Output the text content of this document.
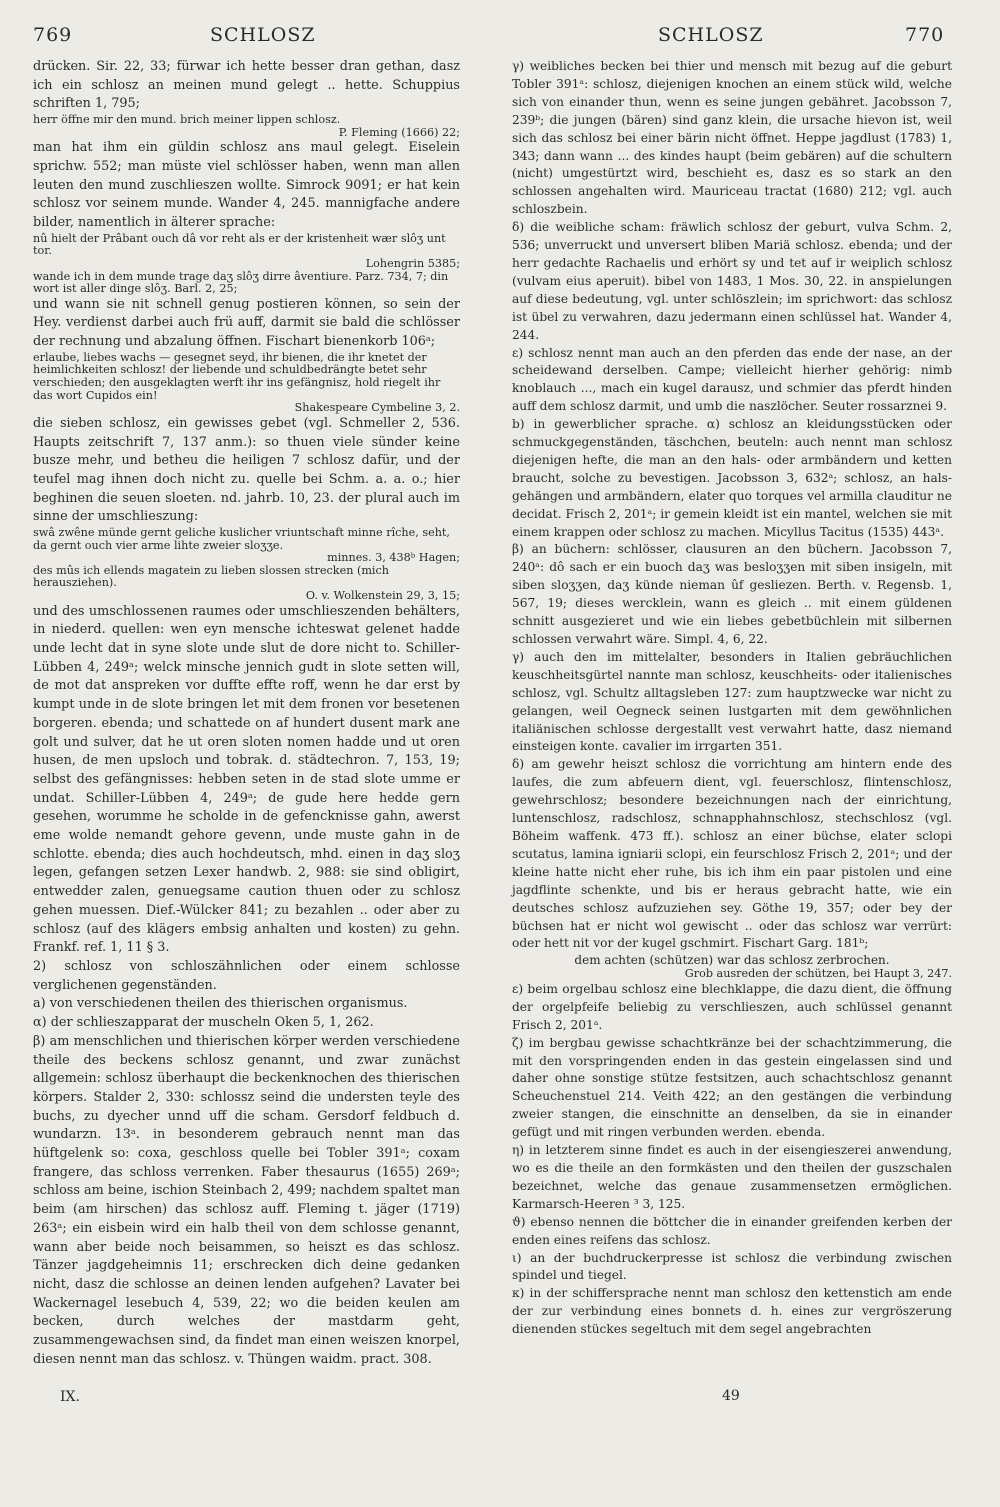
769	SCHLOSZ	SCHLOSZ	770

drücken. Sir. 22, 33; fürwar ich hette besser dran gethan, dasz ich ein schlosz an meinen mund gelegt .. hette. Schuppius schriften 1, 795;

herr öffne mir den mund. brich meiner lippen schlosz.

P. Fleming (1666) 22;

man hat ihm ein güldin schlosz ans maul gelegt. Eiselein sprichw. 552; man müste viel schlösser haben, wenn man allen leuten den mund zuschlieszen wollte. Simrock 9091; er hat kein schlosz vor seinem munde. Wander 4, 245. mannigfache andere bilder, namentlich in älterer sprache:

nû hielt der Prâbant ouch dâ vor reht als er der kristenheit wær slôʒ unt tor.

Lohengrin 5385;

wande ich in dem munde trage daʒ slôʒ dirre âventiure. Parz. 734, 7; din wort ist aller dinge slôʒ. Barl. 2, 25;

und wann sie nit schnell genug postieren können, so sein der Hey. verdienst darbei auch frü auff, darmit sie bald die schlösser der rechnung und abzalung öffnen. Fischart bienenkorb 106ᵃ;

erlaube, liebes wachs — gesegnet seyd, ihr bienen, die ihr knetet der heimlichkeiten schlosz! der liebende und schuldbedrängte betet sehr verschieden; den ausgeklagten werft ihr ins gefängnisz, hold riegelt ihr das wort Cupidos ein!

Shakespeare Cymbeline 3, 2.

die sieben schlosz, ein gewisses gebet (vgl. Schmeller 2, 536. Haupts zeitschrift 7, 137 anm.): so thuen viele sünder keine busze mehr, und betheu die heiligen 7 schlosz dafür, und der teufel mag ihnen doch nicht zu. quelle bei Schm. a. a. o.; hier beghinen die seuen sloeten. nd. jahrb. 10, 23. der plural auch im sinne der umschlieszung:

swâ zwêne münde gernt geliche kuslicher vriuntschaft minne rîche, seht, da gernt ouch vier arme lihte zweier sloʒʒe.

minnes. 3, 438ᵇ Hagen;

des mûs ich ellends magatein zu lieben slossen strecken (mich herausziehen).

O. v. Wolkenstein 29, 3, 15;

und des umschlossenen raumes oder umschlieszenden behälters, in niederd. quellen: wen eyn mensche ichteswat gelenet hadde unde lecht dat in syne slote unde slut de dore nicht to. Schiller-Lübben 4, 249ᵃ; welck minsche jennich gudt in slote setten will, de mot dat anspreken vor duffte effte roff, wenn he dar erst by kumpt unde in de slote bringen let mit dem fronen vor besetenen borgeren. ebenda; und schattede on af hundert dusent mark ane golt und sulver, dat he ut oren sloten nomen hadde und ut oren husen, de men upsloch und tobrak. d. städtechron. 7, 153, 19; selbst des gefängnisses: hebben seten in de stad slote umme er undat. Schiller-Lübben 4, 249ᵃ; de gude here hedde gern gesehen, worumme he scholde in de gefencknisse gahn, awerst eme wolde nemandt gehore gevenn, unde muste gahn in de schlotte. ebenda; dies auch hochdeutsch, mhd. einen in daʒ sloʒ legen, gefangen setzen Lexer handwb. 2, 988: sie sind obligirt, entwedder zalen, genuegsame caution thuen oder zu schlosz gehen muessen. Dief.-Wülcker 841; zu bezahlen .. oder aber zu schlosz (auf des klägers embsig anhalten und kosten) zu gehn. Frankf. ref. 1, 11 § 3.

2) schlosz von schloszähnlichen oder einem schlosse verglichenen gegenständen.

a) von verschiedenen theilen des thierischen organismus.

α) der schlieszapparat der muscheln Oken 5, 1, 262.

β) am menschlichen und thierischen körper werden verschiedene theile des beckens schlosz genannt, und zwar zunächst allgemein: schlosz überhaupt die beckenknochen des thierischen körpers. Stalder 2, 330: schlossz seind die understen teyle des buchs, zu dyecher unnd uff die scham. Gersdorf feldbuch d. wundarzn. 13ᵃ. in besonderem gebrauch nennt man das hüftgelenk so: coxa, geschloss quelle bei Tobler 391ᵃ; coxam frangere, das schloss verrenken. Faber thesaurus (1655) 269ᵃ; schloss am beine, ischion Steinbach 2, 499; nachdem spaltet man beim (am hirschen) das schlosz auff. Fleming t. jäger (1719) 263ᵃ; ein eisbein wird ein halb theil von dem schlosse genannt, wann aber beide noch beisammen, so heiszt es das schlosz. Tänzer jagdgeheimnis 11; erschrecken dich deine gedanken nicht, dasz die schlosse an deinen lenden aufgehen? Lavater bei Wackernagel lesebuch 4, 539, 22; wo die beiden keulen am becken, durch welches der mastdarm geht, zusammengewachsen sind, da findet man einen weiszen knorpel, diesen nennt man das schlosz. v. Thüngen waidm. pract. 308.

γ) weibliches becken bei thier und mensch mit bezug auf die geburt Tobler 391ᵃ: schlosz, diejenigen knochen an einem stück wild, welche sich von einander thun, wenn es seine jungen gebähret. Jacobsson 7, 239ᵇ; die jungen (bären) sind ganz klein, die ursache hievon ist, weil sich das schlosz bei einer bärin nicht öffnet. Heppe jagdlust (1783) 1, 343; dann wann ... des kindes haupt (beim gebären) auf die schultern (nicht) umgestürtzt wird, beschieht es, dasz es so stark an den schlossen angehalten wird. Mauriceau tractat (1680) 212; vgl. auch schloszbein.

δ) die weibliche scham: fräwlich schlosz der geburt, vulva Schm. 2, 536; unverruckt und unversert bliben Mariä schlosz. ebenda; und der herr gedachte Rachaelis und erhört sy und tet auf ir weiplich schlosz (vulvam eius aperuit). bibel von 1483, 1 Mos. 30, 22. in anspielungen auf diese bedeutung, vgl. unter schlöszlein; im sprichwort: das schlosz ist übel zu verwahren, dazu jedermann einen schlüssel hat. Wander 4, 244.

ε) schlosz nennt man auch an den pferden das ende der nase, an der scheidewand derselben. Campe; vielleicht hierher gehörig: nimb knoblauch ..., mach ein kugel darausz, und schmier das pferdt hinden auff dem schlosz darmit, und umb die naszlöcher. Seuter rossarznei 9.

b) in gewerblicher sprache. α) schlosz an kleidungsstücken oder schmuckgegenständen, täschchen, beuteln: auch nennt man schlosz diejenigen hefte, die man an den hals- oder armbändern und ketten braucht, solche zu bevestigen. Jacobsson 3, 632ᵃ; schlosz, an hals-gehängen und armbändern, elater quo torques vel armilla clauditur ne decidat. Frisch 2, 201ᵃ; ir gemein kleidt ist ein mantel, welchen sie mit einem krappen oder schlosz zu machen. Micyllus Tacitus (1535) 443ᵃ.

β) an büchern: schlösser, clausuren an den büchern. Jacobsson 7, 240ᵃ: dô sach er ein buoch daʒ was besloʒʒen mit siben insigeln, mit siben sloʒʒen, daʒ künde nieman ûf gesliezen. Berth. v. Regensb. 1, 567, 19; dieses wercklein, wann es gleich .. mit einem güldenen schnitt ausgezieret und wie ein liebes gebetbüchlein mit silbernen schlossen verwahrt wäre. Simpl. 4, 6, 22.

γ) auch den im mittelalter, besonders in Italien gebräuchlichen keuschheitsgürtel nannte man schlosz, keuschheits- oder italienisches schlosz, vgl. Schultz alltagsleben 127: zum hauptzwecke war nicht zu gelangen, weil Oegneck seinen lustgarten mit dem gewöhnlichen italiänischen schlosse dergestallt vest verwahrt hatte, dasz niemand einsteigen konte. cavalier im irrgarten 351.

δ) am gewehr heiszt schlosz die vorrichtung am hintern ende des laufes, die zum abfeuern dient, vgl. feuerschlosz, flintenschlosz, gewehrschlosz; besondere bezeichnungen nach der einrichtung, luntenschlosz, radschlosz, schnapphahnschlosz, stechschlosz (vgl. Böheim waffenk. 473 ff.). schlosz an einer büchse, elater sclopi scutatus, lamina igniarii sclopi, ein feurschlosz Frisch 2, 201ᵃ; und der kleine hatte nicht eher ruhe, bis ich ihm ein paar pistolen und eine jagdflinte schenkte, und bis er heraus gebracht hatte, wie ein deutsches schlosz aufzuziehen sey. Göthe 19, 357; oder bey der büchsen hat er nicht wol gewischt .. oder das schlosz war verrürt: oder hett nit vor der kugel gschmirt. Fischart Garg. 181ᵇ;

dem achten (schützen) war das schlosz zerbrochen.

Grob ausreden der schützen, bei Haupt 3, 247.

ε) beim orgelbau schlosz eine blechklappe, die dazu dient, die öffnung der orgelpfeife beliebig zu verschlieszen, auch schlüssel genannt Frisch 2, 201ᵃ.

ζ) im bergbau gewisse schachtkränze bei der schachtzimmerung, die mit den vorspringenden enden in das gestein eingelassen sind und daher ohne sonstige stütze festsitzen, auch schachtschlosz genannt Scheuchenstuel 214. Veith 422; an den gestängen die verbindung zweier stangen, die einschnitte an denselben, da sie in einander gefügt und mit ringen verbunden werden. ebenda.

η) in letzterem sinne findet es auch in der eisengieszerei anwendung, wo es die theile an den formkästen und den theilen der guszschalen bezeichnet, welche das genaue zusammensetzen ermöglichen. Karmarsch-Heeren ³ 3, 125.

ϑ) ebenso nennen die böttcher die in einander greifenden kerben der enden eines reifens das schlosz.

ι) an der buchdruckerpresse ist schlosz die verbindung zwischen spindel und tiegel.

κ) in der schiffersprache nennt man schlosz den kettenstich am ende der zur verbindung eines bonnets d. h. eines zur vergröszerung dienenden stückes segeltuch mit dem segel angebrachten

IX.	49
